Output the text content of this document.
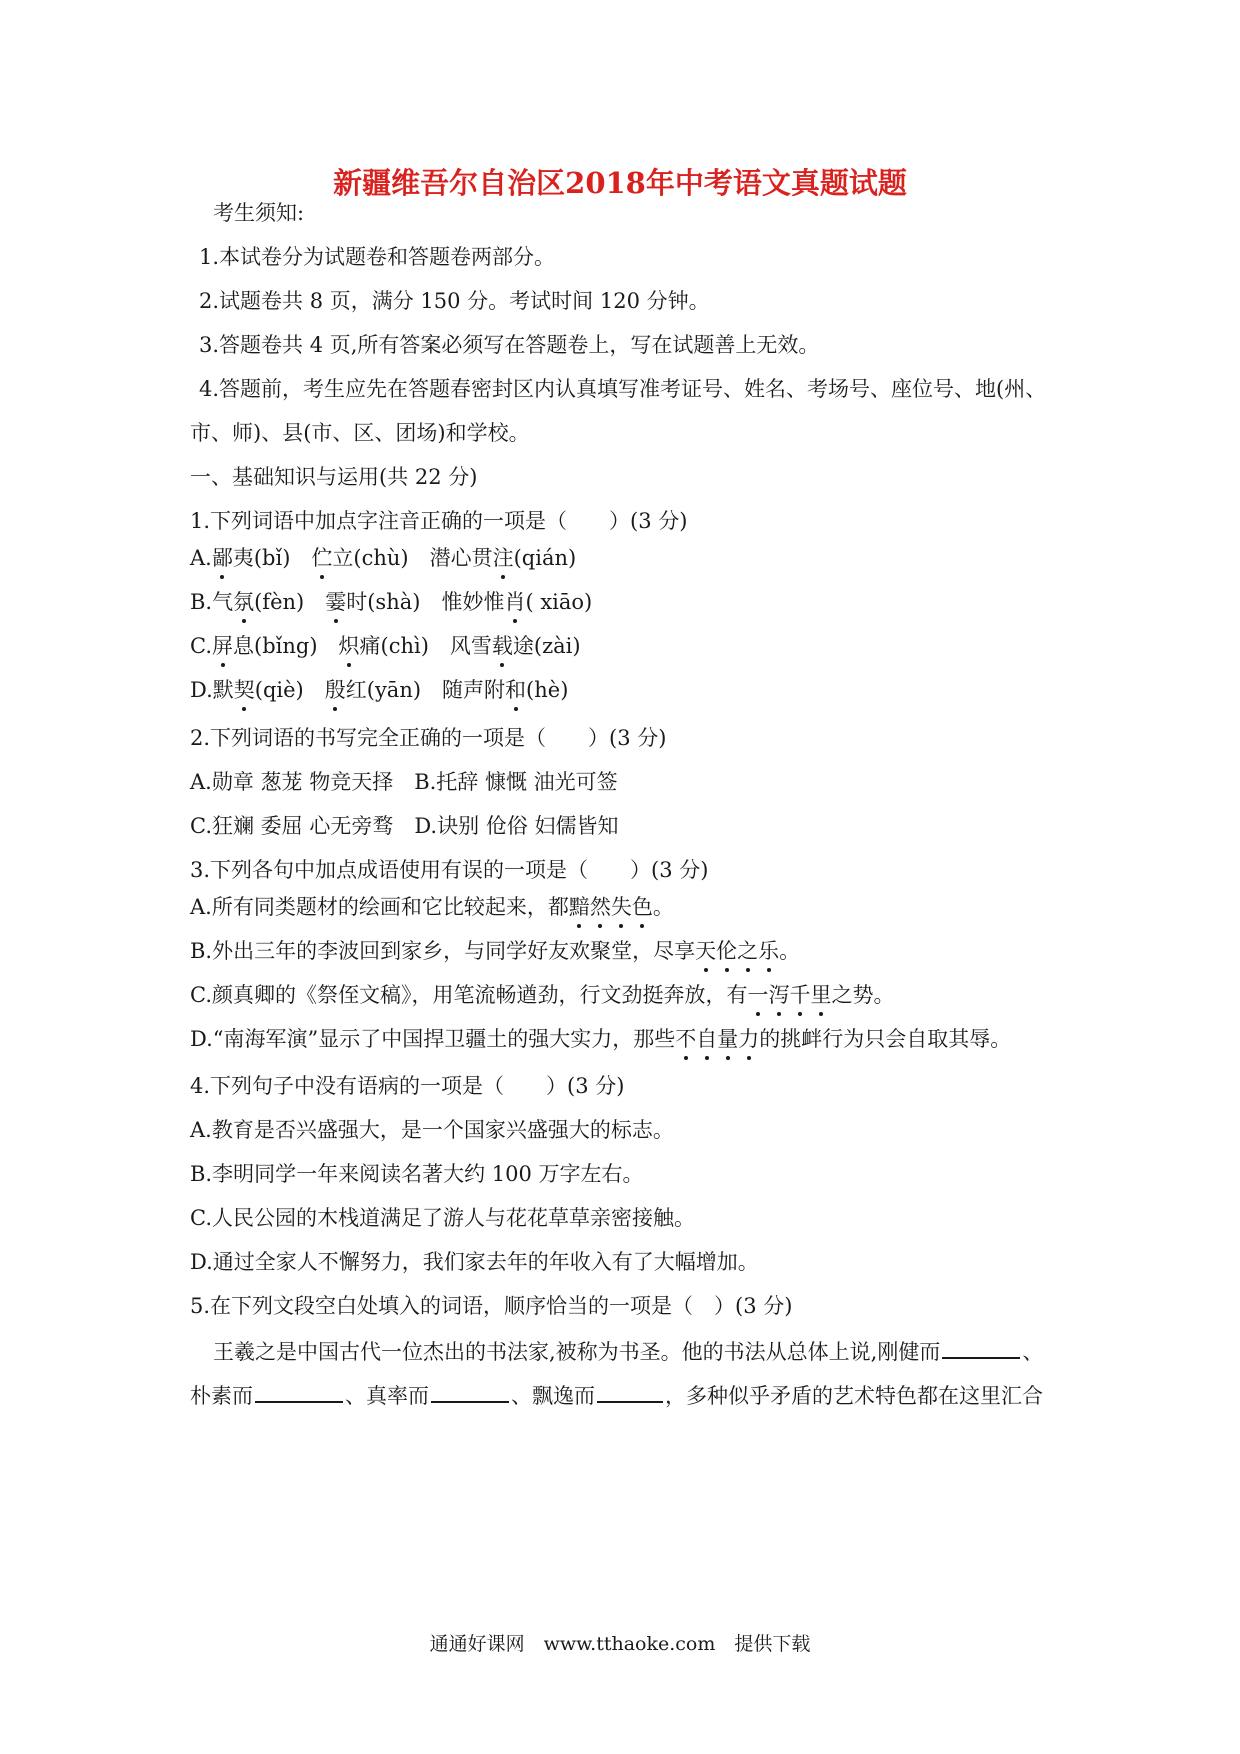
新疆维吾尔自治区2018年中考语文真题试题
考生须知:
1.本试卷分为试题卷和答题卷两部分。
2.试题卷共 8 页，满分 150 分。考试时间 120 分钟。
3.答题卷共 4 页,所有答案必须写在答题卷上，写在试题善上无效。
4.答题前，考生应先在答题春密封区内认真填写准考证号、姓名、考场号、座位号、地(州、
市、师)、县(市、区、团场)和学校。
一、基础知识与运用(共 22 分)
1.下列词语中加点字注音正确的一项是（　　）(3 分)
A.鄙夷(bǐ)　伫立(chù)　潜心贯注(qián)
B.气氛(fèn)　霎时(shà)　惟妙惟肖( xiāo)
C.屏息(bǐng)　炽痛(chì)　风雪载途(zài)
D.默契(qiè)　殷红(yān)　随声附和(hè)
2.下列词语的书写完全正确的一项是（　　）(3 分)
A.勋章 葱茏 物竞天择　B.托辞 慷慨 油光可签
C.狂斓 委屈 心无旁骛　D.诀别 伧俗 妇儒皆知
3.下列各句中加点成语使用有误的一项是（　　）(3 分)
A.所有同类题材的绘画和它比较起来，都黯然失色。
B.外出三年的李波回到家乡，与同学好友欢聚堂，尽享天伦之乐。
C.颜真卿的《祭侄文稿》，用笔流畅遒劲，行文劲挺奔放，有一泻千里之势。
D.“南海军演”显示了中国捍卫疆土的强大实力，那些不自量力的挑衅行为只会自取其辱。
4.下列句子中没有语病的一项是（　　）(3 分)
A.教育是否兴盛强大，是一个国家兴盛强大的标志。
B.李明同学一年来阅读名著大约 100 万字左右。
C.人民公园的木栈道满足了游人与花花草草亲密接触。
D.通过全家人不懈努力，我们家去年的年收入有了大幅增加。
5.在下列文段空白处填入的词语，顺序恰当的一项是（　）(3 分)
王羲之是中国古代一位杰出的书法家,被称为书圣。他的书法从总体上说,刚健而	、
朴素而	、真率而	、飘逸而	，多种似乎矛盾的艺术特色都在这里汇合
通通好课网　www.tthaoke.com　提供下载
